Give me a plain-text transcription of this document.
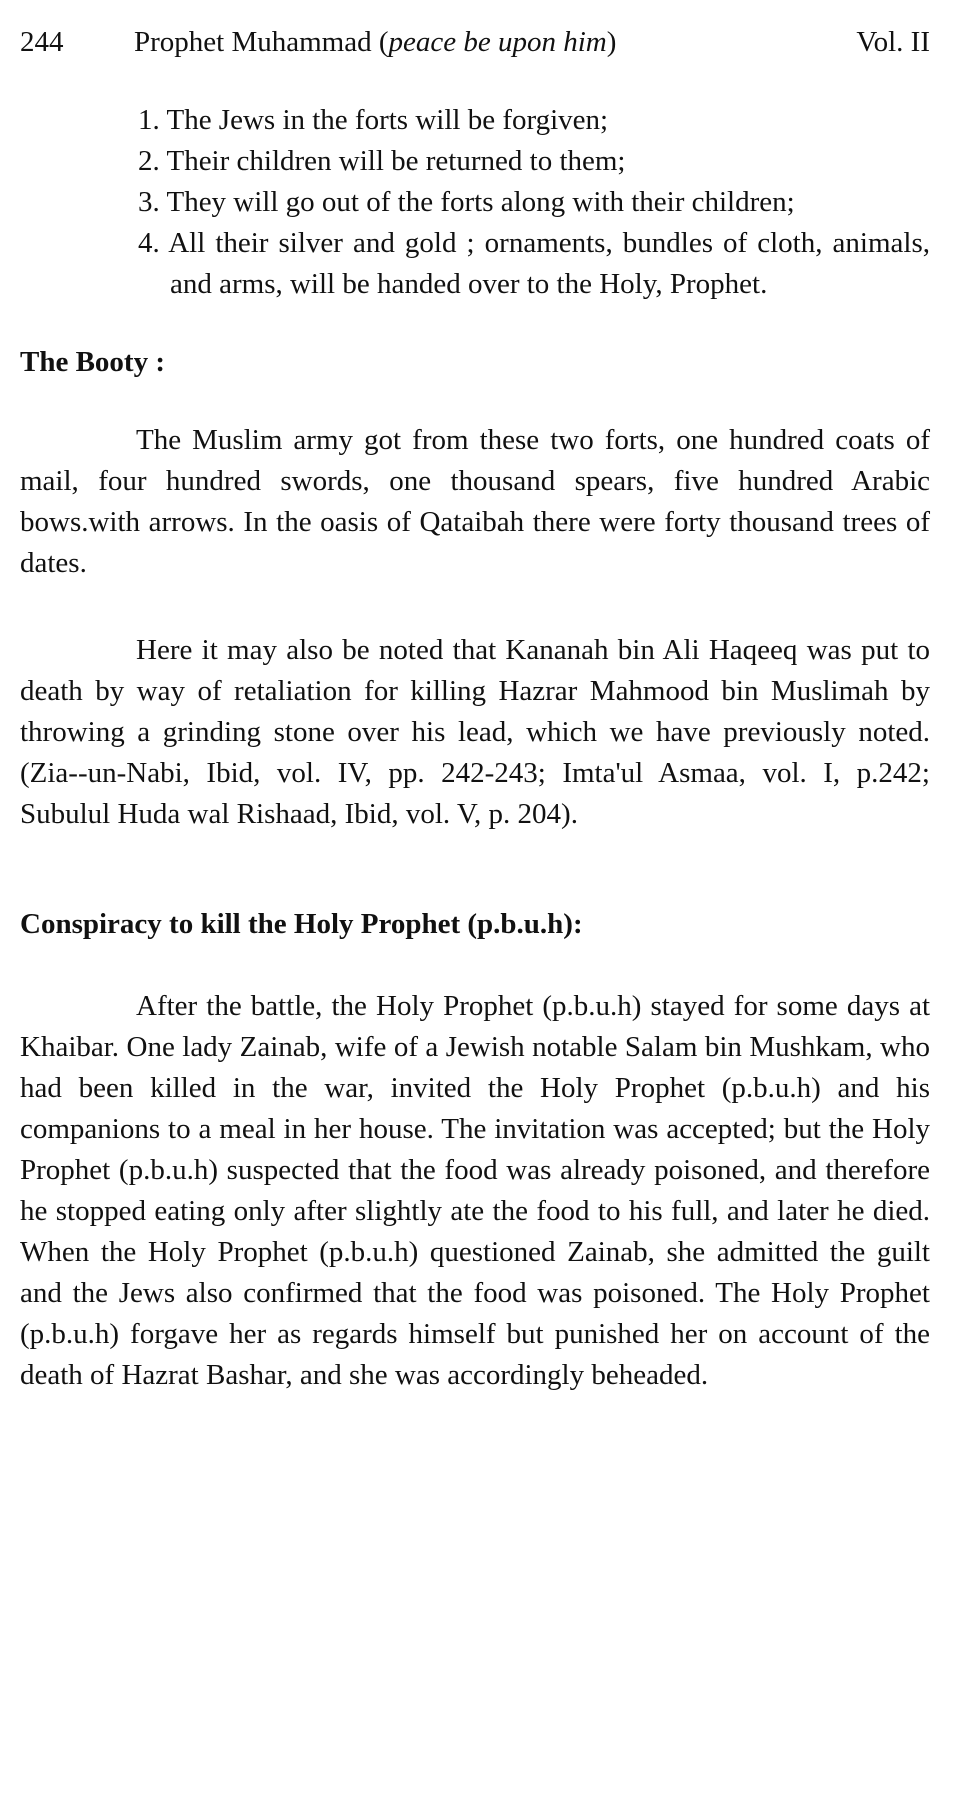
244 Prophet Muhammad (peace be upon him)	Vol. II

1. The Jews in the forts will be forgiven;

2. Their children will be returned to them;

3. They will go out of the forts along with their children;

4. All their silver and gold ; ornaments, bundles of cloth, animals, and arms, will be handed over to the Holy, Prophet.

The Booty :

The Muslim army got from these two forts, one hundred coats of mail, four hundred swords, one thousand spears, five hundred Arabic bows.with arrows. In the oasis of Qataibah there were forty thousand trees of dates.

Here it may also be noted that Kananah bin Ali Haqeeq was put to death by way of retaliation for killing Hazrar Mahmood bin Muslimah by throwing a grinding stone over his lead, which we have previously noted. (Zia--un-Nabi, Ibid, vol. IV, pp. 242-243; Imta'ul Asmaa, vol. I, p.242; Subulul Huda wal Rishaad, Ibid, vol. V, p. 204).

Conspiracy to kill the Holy Prophet (p.b.u.h):

After the battle, the Holy Prophet (p.b.u.h) stayed for some days at Khaibar. One lady Zainab, wife of a Jewish notable Salam bin Mushkam, who had been killed in the war, invited the Holy Prophet (p.b.u.h) and his companions to a meal in her house. The invitation was accepted; but the Holy Prophet (p.b.u.h) suspected that the food was already poisoned, and therefore he stopped eating only after slightly ate the food to his full, and later he died. When the Holy Prophet (p.b.u.h) questioned Zainab, she admitted the guilt and the Jews also confirmed that the food was poisoned. The Holy Prophet (p.b.u.h) forgave her as regards himself but punished her on account of the death of Hazrat Bashar, and she was accordingly beheaded.
